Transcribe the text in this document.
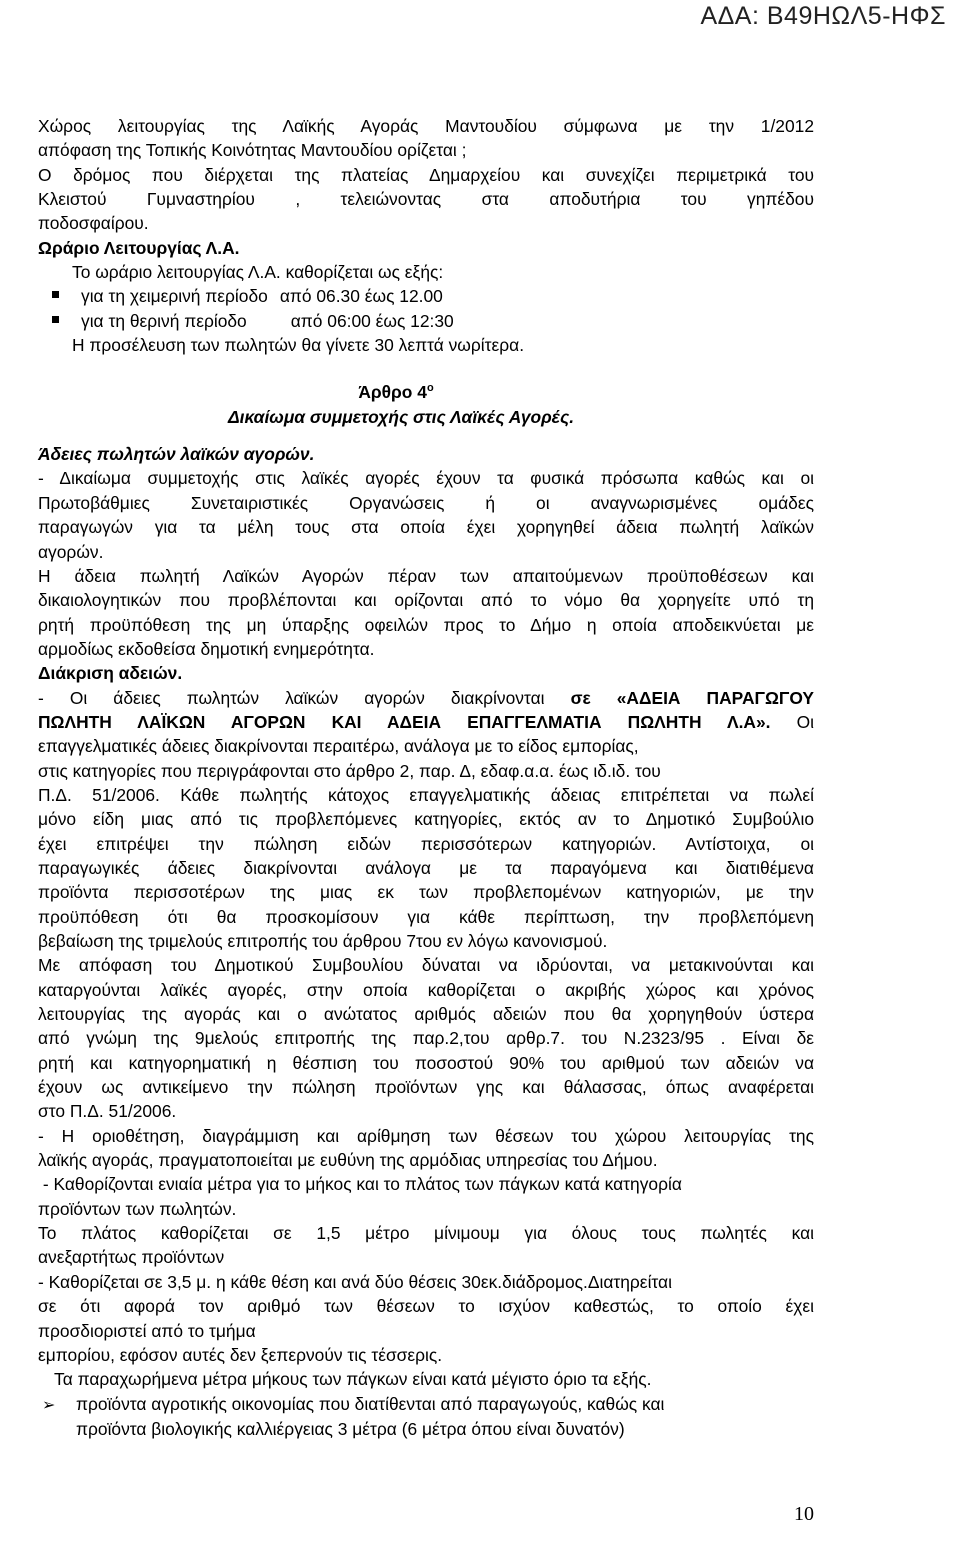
ΑΔΑ: Β49ΗΩΛ5-ΗΦΣ

Χώρος λειτουργίας της Λαϊκής Αγοράς Μαντουδίου σύμφωνα με την 1/2012

απόφαση της Τοπικής Κοινότητας Μαντουδίου ορίζεται ;

Ο δρόμος που διέρχεται της πλατείας Δημαρχείου και συνεχίζει περιμετρικά του

Κλειστού Γυμναστηρίου , τελειώνοντας στα αποδυτήρια του γηπέδου

ποδοσφαίρου.

Ωράριο Λειτουργίας Λ.Α.

Το ωράριο λειτουργίας Λ.Α. καθορίζεται ως εξής:

για τη χειμερινή περίοδο από 06.30 έως 12.00

για τη θερινή περίοδο	από 06:00 έως 12:30

Η προσέλευση των πωλητών θα γίνετε 30 λεπτά νωρίτερα.

Άρθρο $4^o$

Δικαίωμα συμμετοχής στις Λαϊκές Αγορές.

Άδειες πωλητών λαϊκών αγορών.

- Δικαίωμα συμμετοχής στις λαϊκές αγορές έχουν τα φυσικά πρόσωπα καθώς και οι

Πρωτοβάθμιες Συνεταιριστικές Οργανώσεις ή οι αναγνωρισμένες ομάδες

παραγωγών για τα μέλη τους στα οποία έχει χορηγηθεί άδεια πωλητή λαϊκών

αγορών.

Η άδεια πωλητή Λαϊκών Αγορών πέραν των απαιτούμενων προϋποθέσεων και

δικαιολογητικών που προβλέπονται και ορίζονται από το νόμο θα χορηγείτε υπό τη

ρητή προϋπόθεση της μη ύπαρξης οφειλών προς το Δήμο η οποία αποδεικνύεται με

αρμοδίως εκδοθείσα δημοτική ενημερότητα.

Διάκριση αδειών.

- Οι άδειες πωλητών λαϊκών αγορών διακρίνονται σε «ΑΔΕΙΑ ΠΑΡΑΓΩΓΟΥ

ΠΩΛΗΤΗ ΛΑΪΚΩΝ ΑΓΟΡΩΝ ΚΑΙ ΑΔΕΙΑ ΕΠΑΓΓΕΛΜΑΤΙΑ ΠΩΛΗΤΗ Λ.Α». Οι

επαγγελματικές άδειες διακρίνονται περαιτέρω, ανάλογα με το είδος εμπορίας,

στις κατηγορίες που περιγράφονται στο άρθρο 2, παρ. Δ, εδαφ.α.α. έως ιδ.ιδ. του

Π.Δ. 51/2006. Κάθε πωλητής κάτοχος επαγγελματικής άδειας επιτρέπεται να πωλεί

μόνο είδη μιας από τις προβλεπόμενες κατηγορίες, εκτός αν το Δημοτικό Συμβούλιο

έχει επιτρέψει την πώληση ειδών περισσότερων κατηγοριών. Αντίστοιχα, οι

παραγωγικές άδειες διακρίνονται ανάλογα με τα παραγόμενα και διατιθέμενα

προϊόντα περισσοτέρων της μιας εκ των προβλεπομένων κατηγοριών, με την

προϋπόθεση ότι θα προσκομίσουν για κάθε περίπτωση, την προβλεπόμενη

βεβαίωση της τριμελούς επιτροπής του άρθρου 7του εν λόγω κανονισμού.

Με απόφαση του Δημοτικού Συμβουλίου δύναται να ιδρύονται, να μετακινούνται και

καταργούνται λαϊκές αγορές, στην οποία καθορίζεται ο ακριβής χώρος και χρόνος

λειτουργίας της αγοράς και ο ανώτατος αριθμός αδειών που θα χορηγηθούν ύστερα

από γνώμη της 9μελούς επιτροπής της παρ.2,του αρθρ.7. του Ν.2323/95 . Είναι δε

ρητή και κατηγορηματική η θέσπιση του ποσοστού 90% του αριθμού των αδειών να

έχουν ως αντικείμενο την πώληση προϊόντων γης και θάλασσας, όπως αναφέρεται

στο Π.Δ. 51/2006.

- Η οριοθέτηση, διαγράμμιση και αρίθμηση των θέσεων του χώρου λειτουργίας της

λαϊκής αγοράς, πραγματοποιείται με ευθύνη της αρμόδιας υπηρεσίας του Δήμου.

- Καθορίζονται ενιαία μέτρα για το μήκος και το πλάτος των πάγκων κατά κατηγορία

προϊόντων των πωλητών.

Το πλάτος καθορίζεται σε 1,5 μέτρο μίνιμουμ για όλους τους πωλητές και

ανεξαρτήτως προϊόντων

- Καθορίζεται σε 3,5 μ. η κάθε θέση και ανά δύο θέσεις 30εκ.διάδρομος.Διατηρείται

σε ότι αφορά τον αριθμό των θέσεων το ισχύον καθεστώς, το οποίο έχει

προσδιοριστεί από το τμήμα

εμπορίου, εφόσον αυτές δεν ξεπερνούν τις τέσσερις.

Τα παραχωρήμενα μέτρα μήκους των πάγκων είναι κατά μέγιστο όριο τα εξής.

➢ προϊόντα αγροτικής οικονομίας που διατίθενται από παραγωγούς, καθώς και

προϊόντα βιολογικής καλλιέργειας 3 μέτρα (6 μέτρα όπου είναι δυνατόν)

10
